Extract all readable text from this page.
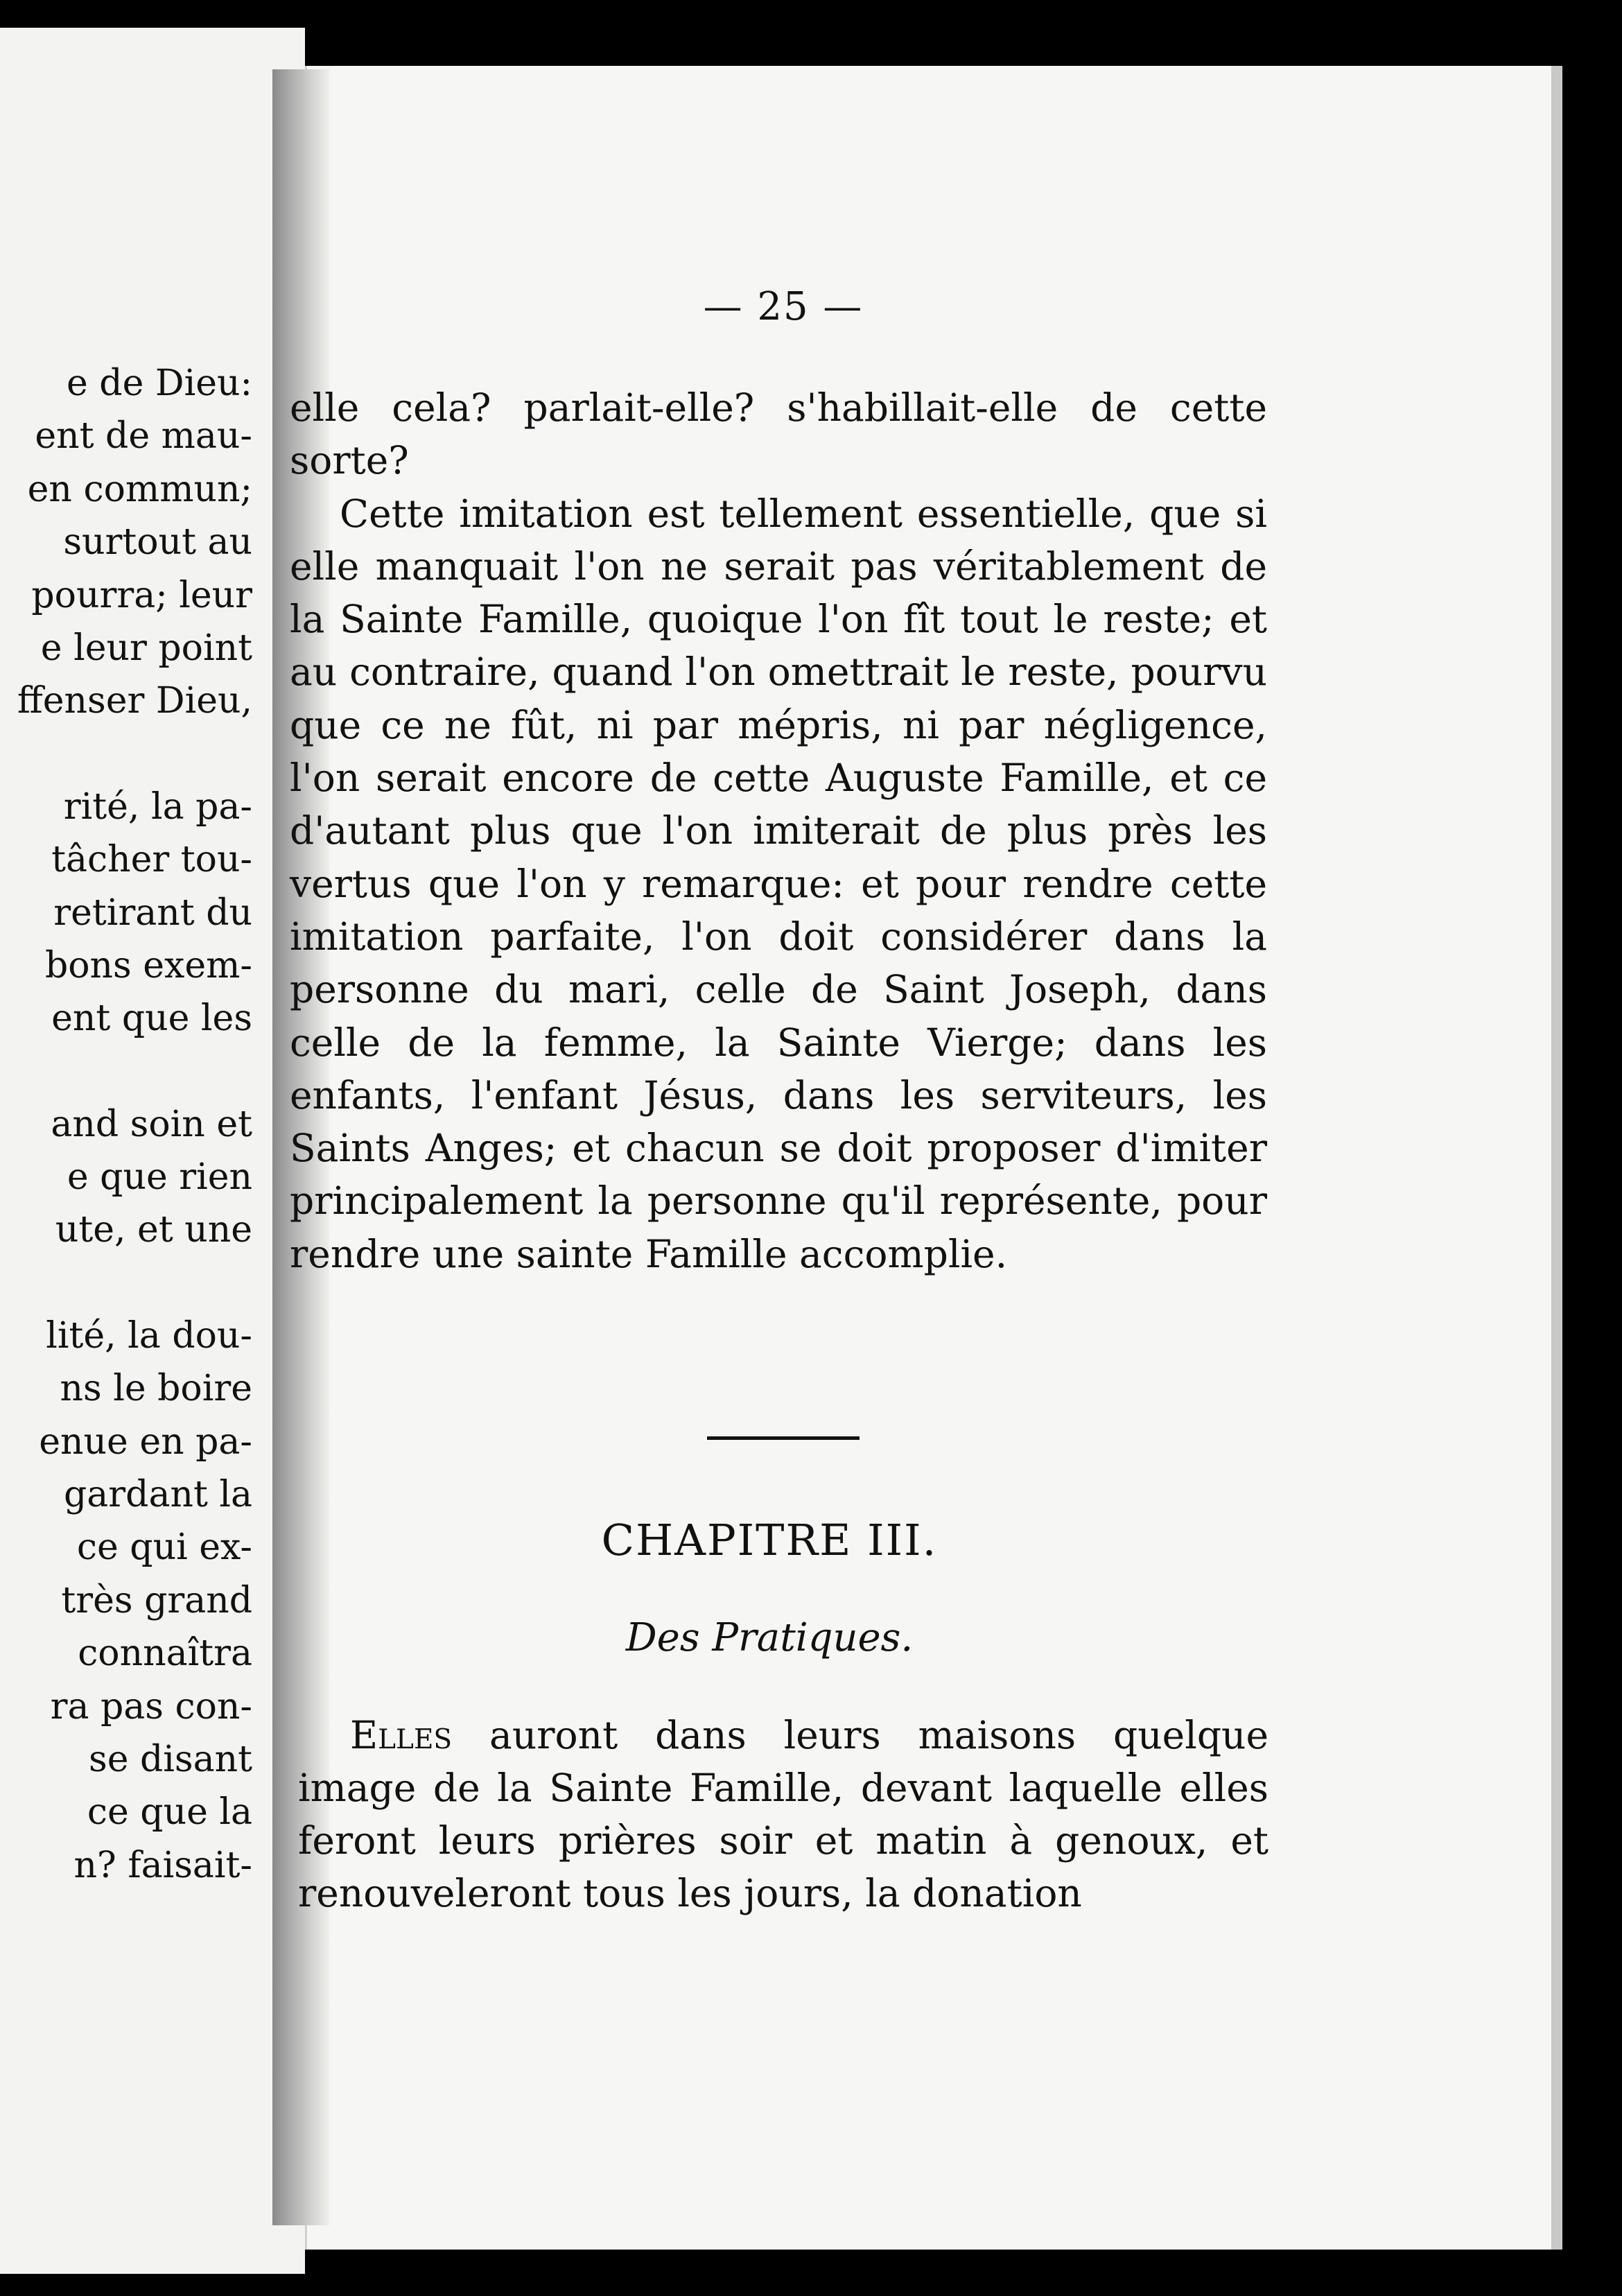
e de Dieu:
ent de mau-
en commun;
surtout au
pourra; leur
e leur point
ffenser Dieu,
rité, la pa-
tâcher tou-
retirant du
bons exem-
ent que les
and soin et
e que rien
ute, et une
lité, la dou-
ns le boire
enue en pa-
gardant la
ce qui ex-
très grand
connaîtra
ra pas con-
se disant
ce que la
n? faisait-
— 25 —

elle cela? parlait-elle? s'habillait-elle de cette sorte?

Cette imitation est tellement essentielle, que si elle manquait l'on ne serait pas véritablement de la Sainte Famille, quoique l'on fît tout le reste; et au contraire, quand l'on omettrait le reste, pourvu que ce ne fût, ni par mépris, ni par négligence, l'on serait encore de cette Auguste Famille, et ce d'autant plus que l'on imiterait de plus près les vertus que l'on y remarque: et pour rendre cette imitation parfaite, l'on doit considérer dans la personne du mari, celle de Saint Joseph, dans celle de la femme, la Sainte Vierge; dans les enfants, l'enfant Jésus, dans les serviteurs, les Saints Anges; et chacun se doit proposer d'imiter principalement la personne qu'il représente, pour rendre une sainte Famille accomplie.

CHAPITRE III.
Des Pratiques.

Elles auront dans leurs maisons quelque image de la Sainte Famille, devant laquelle elles feront leurs prières soir et matin à genoux, et renouveleront tous les jours, la donation
